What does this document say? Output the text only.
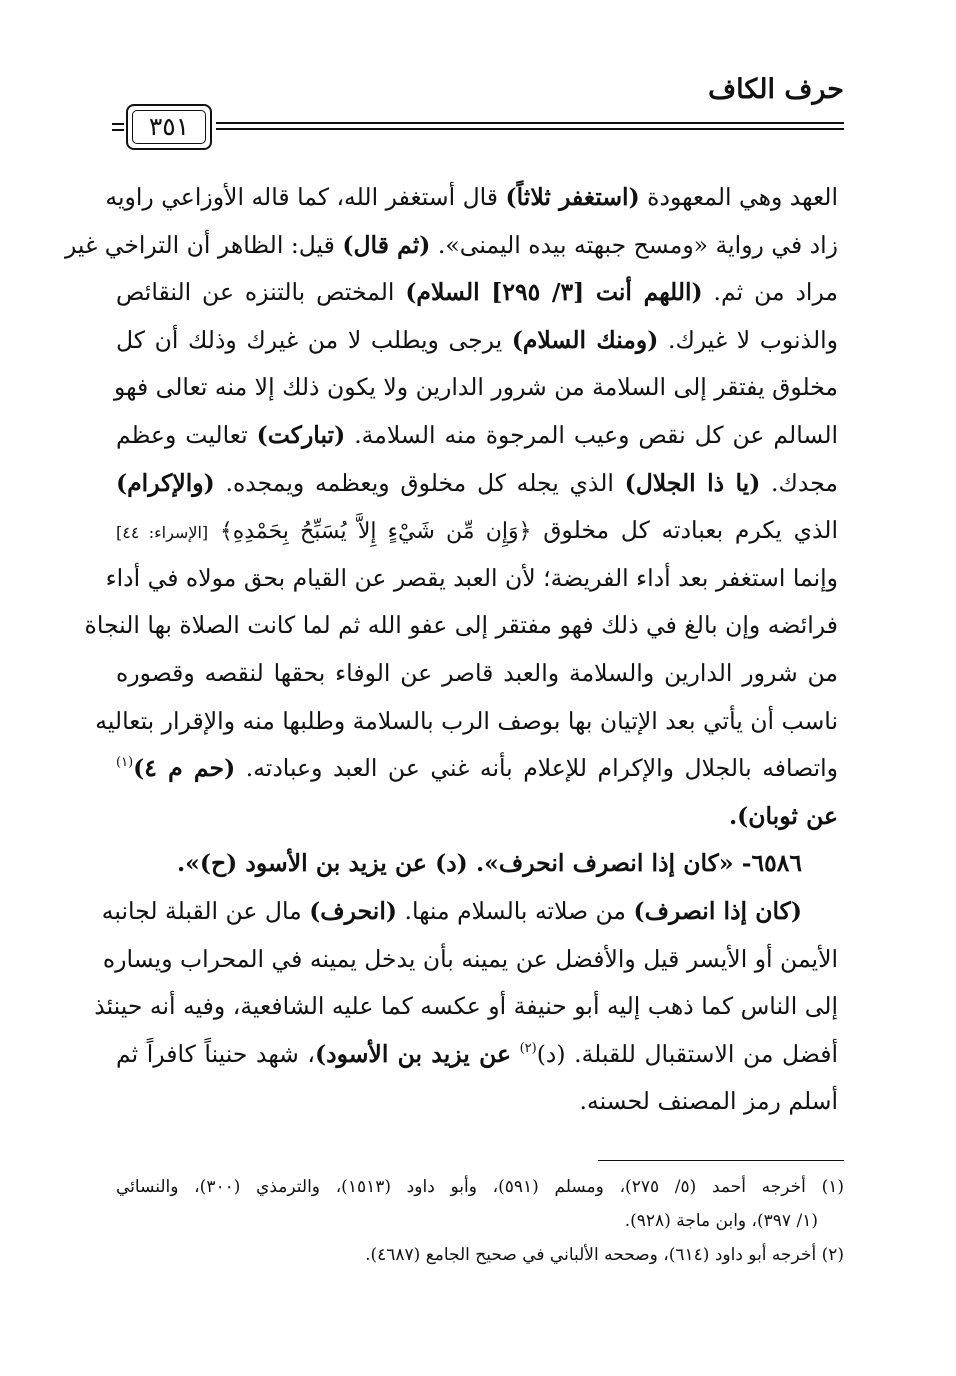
حرف الكاف
٣٥١
العهد وهي المعهودة (استغفر ثلاثاً) قال أستغفر الله، كما قاله الأوزاعي راويه
زاد في رواية «ومسح جبهته بيده اليمنى». (ثم قال) قيل: الظاهر أن التراخي غير
مراد من ثم. (اللهم أنت [٣/ ٢٩٥] السلام) المختص بالتنزه عن النقائص
والذنوب لا غيرك. (ومنك السلام) يرجى ويطلب لا من غيرك وذلك أن كل
مخلوق يفتقر إلى السلامة من شرور الدارين ولا يكون ذلك إلا منه تعالى فهو
السالم عن كل نقص وعيب المرجوة منه السلامة. (تباركت) تعاليت وعظم
مجدك. (يا ذا الجلال) الذي يجله كل مخلوق ويعظمه ويمجده. (والإكرام)
الذي يكرم بعبادته كل مخلوق ﴿وَإِن مِّن شَيْءٍ إِلاَّ يُسَبِّحُ بِحَمْدِهِ﴾ [الإسراء: ٤٤]
وإنما استغفر بعد أداء الفريضة؛ لأن العبد يقصر عن القيام بحق مولاه في أداء
فرائضه وإن بالغ في ذلك فهو مفتقر إلى عفو الله ثم لما كانت الصلاة بها النجاة
من شرور الدارين والسلامة والعبد قاصر عن الوفاء بحقها لنقصه وقصوره
ناسب أن يأتي بعد الإتيان بها بوصف الرب بالسلامة وطلبها منه والإقرار بتعاليه
واتصافه بالجلال والإكرام للإعلام بأنه غني عن العبد وعبادته. (حم م ٤)$^{(١)}$
عن ثوبان).
٦٥٨٦- «كان إذا انصرف انحرف». (د) عن يزيد بن الأسود (ح)».
(كان إذا انصرف) من صلاته بالسلام منها. (انحرف) مال عن القبلة لجانبه
الأيمن أو الأيسر قيل والأفضل عن يمينه بأن يدخل يمينه في المحراب ويساره
إلى الناس كما ذهب إليه أبو حنيفة أو عكسه كما عليه الشافعية، وفيه أنه حينئذ
أفضل من الاستقبال للقبلة. (د)$^{(٢)}$ عن يزيد بن الأسود)، شهد حنيناً كافراً ثم
أسلم رمز المصنف لحسنه.
(١) أخرجه أحمد (٥/ ٢٧٥)، ومسلم (٥٩١)، وأبو داود (١٥١٣)، والترمذي (٣٠٠)، والنسائي
(١/ ٣٩٧)، وابن ماجة (٩٢٨).
(٢) أخرجه أبو داود (٦١٤)، وصححه الألباني في صحيح الجامع (٤٦٨٧).
